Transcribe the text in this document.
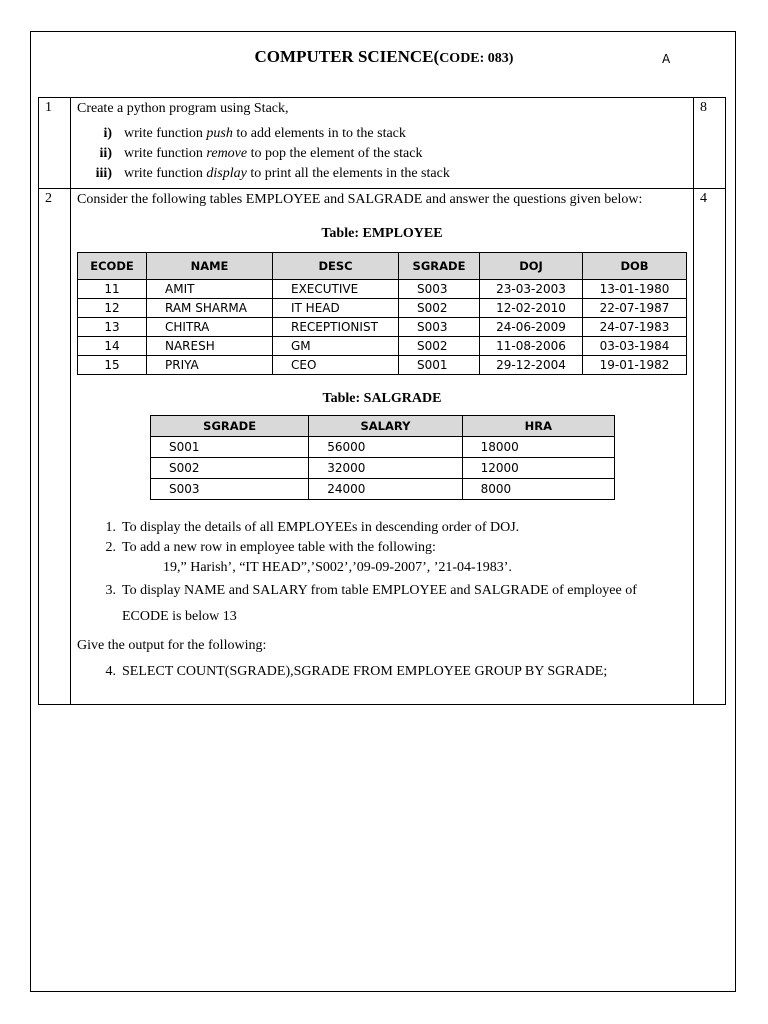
COMPUTER SCIENCE(CODE: 083)	A
1	Create a python program using Stack,

i) write function push to add elements in to the stack
ii) write function remove to pop the element of the stack
iii) write function display to print all the elements in the stack
	8
2	Consider the following tables EMPLOYEE and SALGRADE and answer the questions given below:

Table: EMPLOYEE
ECODE	NAME	DESC	SGRADE	DOJ	DOB
11	AMIT	EXECUTIVE	S003	23-03-2003	13-01-1980
12	RAM SHARMA	IT HEAD	S002	12-02-2010	22-07-1987
13	CHITRA	RECEPTIONIST	S003	24-06-2009	24-07-1983
14	NARESH	GM	S002	11-08-2006	03-03-1984
15	PRIYA	CEO	S001	29-12-2004	19-01-1982
Table: SALGRADE
SGRADE	SALARY	HRA
S001	56000	18000
S002	32000	12000
S003	24000	8000
1. To display the details of all EMPLOYEEs in descending order of DOJ.
2. To add a new row in employee table with the following:
19,” Harish’, “IT HEAD”,’S002’,’09-09-2007’, ’21-04-1983’.
3. To display NAME and SALARY from table EMPLOYEE and SALGRADE of employee of
ECODE is below 13
Give the output for the following:
4. SELECT COUNT(SGRADE),SGRADE FROM EMPLOYEE GROUP BY SGRADE;
	4
